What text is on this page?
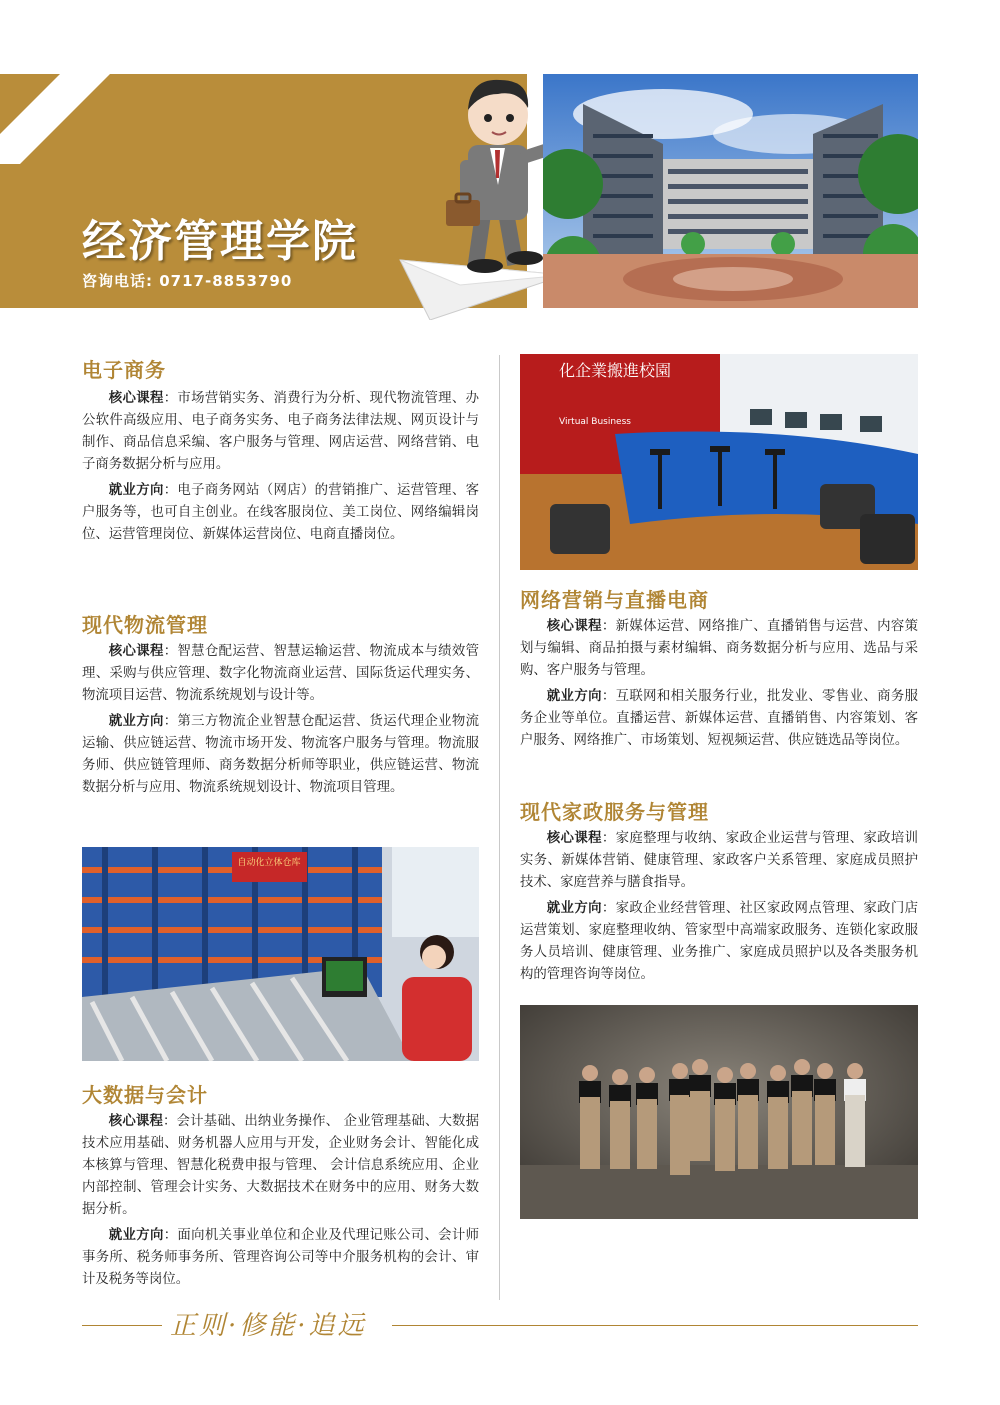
经济管理学院
咨询电话: 0717-8853790
电子商务

核心课程：市场营销实务、消费行为分析、现代物流管理、办公软件高级应用、电子商务实务、电子商务法律法规、网页设计与制作、商品信息采编、客户服务与管理、网店运营、网络营销、电子商务数据分析与应用。

就业方向：电子商务网站（网店）的营销推广、运营管理、客户服务等，也可自主创业。在线客服岗位、美工岗位、网络编辑岗位、运营管理岗位、新媒体运营岗位、电商直播岗位。

现代物流管理

核心课程：智慧仓配运营、智慧运输运营、物流成本与绩效管理、采购与供应管理、数字化物流商业运营、国际货运代理实务、物流项目运营、物流系统规划与设计等。

就业方向：第三方物流企业智慧仓配运营、货运代理企业物流运输、供应链运营、物流市场开发、物流客户服务与管理。物流服务师、供应链管理师、商务数据分析师等职业，供应链运营、物流数据分析与应用、物流系统规划设计、物流项目管理。

自动化立体仓库
大数据与会计

核心课程：会计基础、出纳业务操作、 企业管理基础、大数据技术应用基础、财务机器人应用与开发，企业财务会计、智能化成本核算与管理、智慧化税费申报与管理、 会计信息系统应用、企业内部控制、管理会计实务、大数据技术在财务中的应用、财务大数据分析。

就业方向：面向机关事业单位和企业及代理记账公司、会计师事务所、税务师事务所、管理咨询公司等中介服务机构的会计、审计及税务等岗位。

化企業搬進校園
Virtual Business
网络营销与直播电商

核心课程：新媒体运营、网络推广、直播销售与运营、内容策划与编辑、商品拍摄与素材编辑、商务数据分析与应用、选品与采购、客户服务与管理。

就业方向：互联网和相关服务行业，批发业、零售业、商务服务企业等单位。直播运营、新媒体运营、直播销售、内容策划、客户服务、网络推广、市场策划、短视频运营、供应链选品等岗位。

现代家政服务与管理

核心课程：家庭整理与收纳、家政企业运营与管理、家政培训实务、新媒体营销、健康管理、家政客户关系管理、家庭成员照护技术、家庭营养与膳食指导。

就业方向：家政企业经营管理、社区家政网点管理、家政门店运营策划、家庭整理收纳、管家型中高端家政服务、连锁化家政服务人员培训、健康管理、业务推广、家庭成员照护以及各类服务机构的管理咨询等岗位。

正则·修能·追远
